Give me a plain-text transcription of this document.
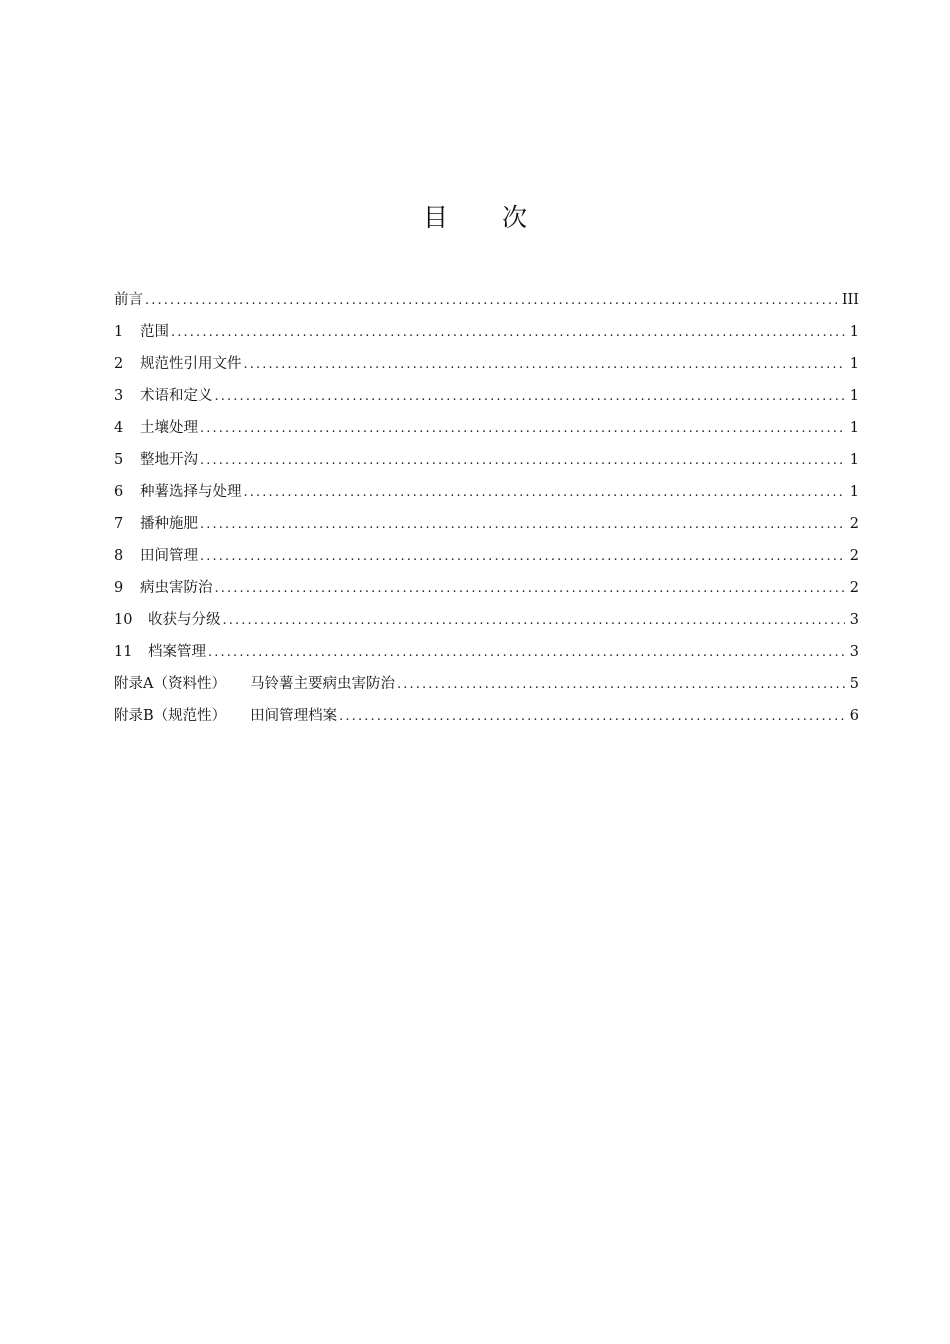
目次
前言 . . .	III
1	范围 . . .	1
2	规范性引用文件 . . .	1
3	术语和定义 . . .	1
4	土壤处理 . . .	1
5	整地开沟 . . .	1
6	种薯选择与处理 . . .	1
7	播种施肥 . . .	2
8	田间管理 . . .	2
9	病虫害防治 . . .	2
10	收获与分级 . . .	3
11	档案管理 . . .	3
附录A（资料性） 马铃薯主要病虫害防治 . . .	5
附录B（规范性） 田间管理档案 . . .	6
